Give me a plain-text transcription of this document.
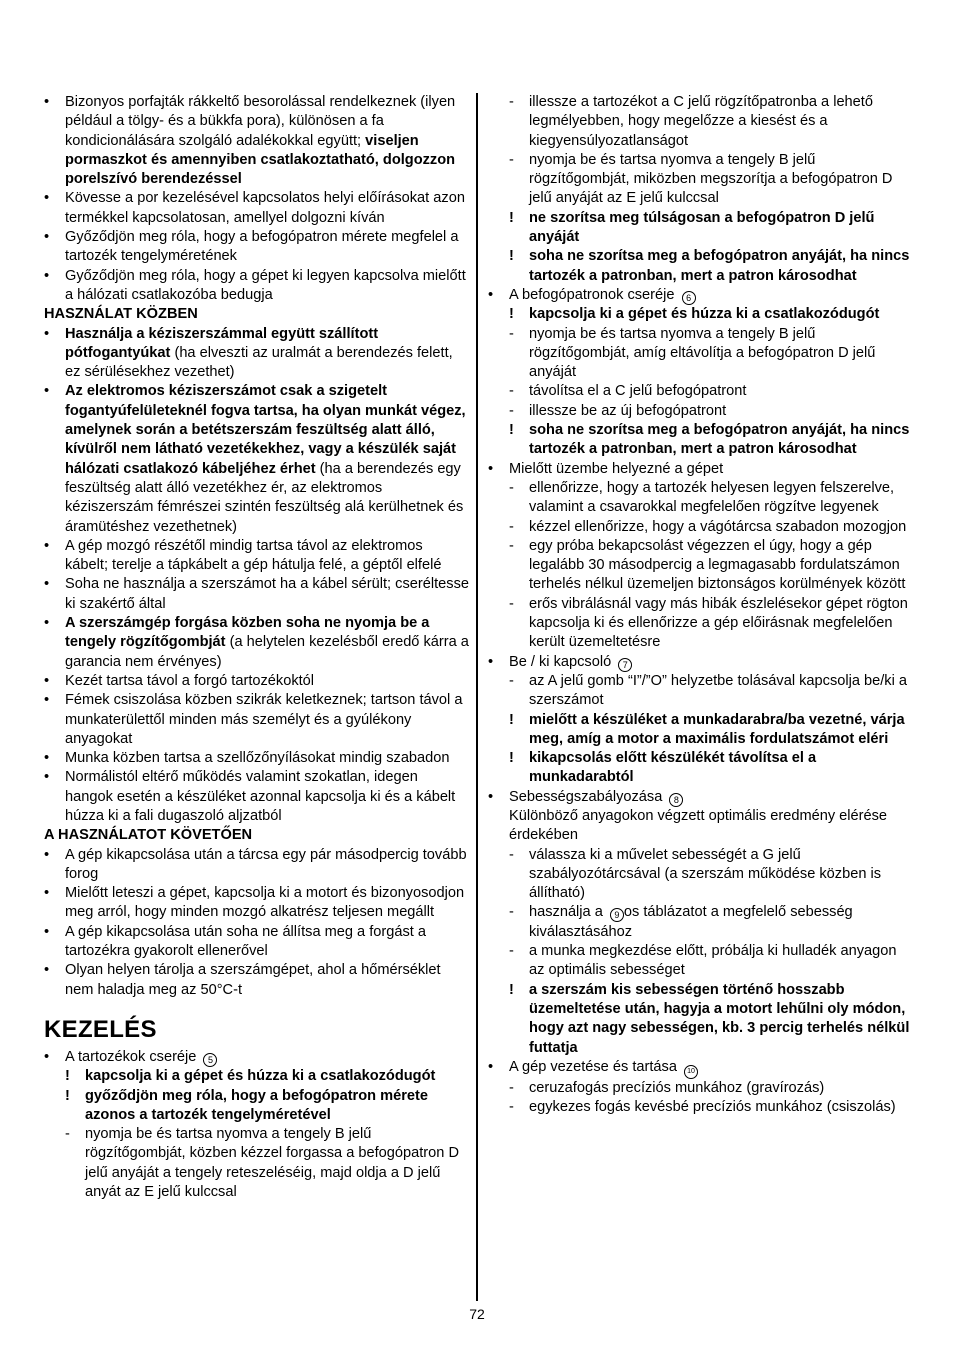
• Bizonyos porfajták rákkeltő besorolással rendelkeznek (ilyen például a tölgy- és a bükkfa pora), különösen a fa kondicionálására szolgáló adalékokkal együtt; viseljen pormaszkot és amennyiben csatlakoztatható, dolgozzon porelszívó berendezéssel
• Kövesse a por kezelésével kapcsolatos helyi előírásokat azon termékkel kapcsolatosan, amellyel dolgozni kíván
• Győződjön meg róla, hogy a befogópatron mérete megfelel a tartozék tengelyméretének
• Győződjön meg róla, hogy a gépet ki legyen kapcsolva mielőtt a hálózati csatlakozóba bedugja
HASZNÁLAT KÖZBEN
• Használja a kéziszerszámmal együtt szállított pótfogantyúkat (ha elveszti az uralmát a berendezés felett, ez sérülésekhez vezethet)
• Az elektromos kéziszerszámot csak a szigetelt fogantyúfelületeknél fogva tartsa, ha olyan munkát végez, amelynek során a betétszerszám feszültség alatt álló, kívülről nem látható vezetékekhez, vagy a készülék saját hálózati csatlakozó kábeljéhez érhet (ha a berendezés egy feszültség alatt álló vezetékhez ér, az elektromos kéziszerszám fémrészei szintén feszültség alá kerülhetnek és áramütéshez vezethetnek)
• A gép mozgó részétől mindig tartsa távol az elektromos kábelt; terelje a tápkábelt a gép hátulja felé, a géptől elfelé
• Soha ne használja a szerszámot ha a kábel sérült; cseréltesse ki szakértő által
• A szerszámgép forgása közben soha ne nyomja be a tengely rögzítőgombját (a helytelen kezelésből eredő kárra a garancia nem érvényes)
• Kezét tartsa távol a forgó tartozékoktól
• Fémek csiszolása közben szikrák keletkeznek; tartson távol a munkaterülettől minden más személyt és a gyúlékony anyagokat
• Munka közben tartsa a szellőzőnyílásokat mindig szabadon
• Normálistól eltérő működés valamint szokatlan, idegen hangok esetén a készüléket azonnal kapcsolja ki és a kábelt húzza ki a fali dugaszoló aljzatból
A HASZNÁLATOT KÖVETŐEN
• A gép kikapcsolása után a tárcsa egy pár másodpercig tovább forog
• Mielőtt leteszi a gépet, kapcsolja ki a motort és bizonyosodjon meg arról, hogy minden mozgó alkatrész teljesen megállt
• A gép kikapcsolása után soha ne állítsa meg a forgást a tartozékra gyakorolt ellenerővel
• Olyan helyen tárolja a szerszámgépet, ahol a hőmérséklet nem haladja meg az 50°C-t
KEZELÉS
• A tartozékok cseréje 5
! kapcsolja ki a gépet és húzza ki a csatlakozódugót
! győződjön meg róla, hogy a befogópatron mérete azonos a tartozék tengelyméretével
- nyomja be és tartsa nyomva a tengely B jelű rögzítőgombját, közben kézzel forgassa a befogópatron D jelű anyáját a tengely reteszeléséig, majd oldja a D jelű anyát az E jelű kulccsal
- illessze a tartozékot a C jelű rögzítőpatronba a lehető legmélyebben, hogy megelőzze a kiesést és a kiegyensúlyozatlanságot
- nyomja be és tartsa nyomva a tengely B jelű rögzítőgombját, miközben megszorítja a befogópatron D jelű anyáját az E jelű kulccsal
! ne szorítsa meg túlságosan a befogópatron D jelű anyáját
! soha ne szorítsa meg a befogópatron anyáját, ha nincs tartozék a patronban, mert a patron károsodhat
• A befogópatronok cseréje 6
! kapcsolja ki a gépet és húzza ki a csatlakozódugót
- nyomja be és tartsa nyomva a tengely B jelű rögzítőgombját, amíg eltávolítja a befogópatron D jelű anyáját
- távolítsa el a C jelű befogópatront
- illessze be az új befogópatront
! soha ne szorítsa meg a befogópatron anyáját, ha nincs tartozék a patronban, mert a patron károsodhat
• Mielőtt üzembe helyezné a gépet
- ellenőrizze, hogy a tartozék helyesen legyen felszerelve, valamint a csavarokkal megfelelően rögzítve legyenek
- kézzel ellenőrizze, hogy a vágótárcsa szabadon mozogjon
- egy próba bekapcsolást végezzen el úgy, hogy a gép legalább 30 másodpercig a legmagasabb fordulatszámon terhelés nélkul üzemeljen biztonságos korülmények között
- erős vibrálásnál vagy más hibák észlelésekor gépet rögton kapcsolja ki és ellenőrizze a gép előirásnak megfelelően került üzemeltetésre
• Be / ki kapcsoló 7
- az A jelű gomb “I”/”O” helyzetbe tolásával kapcsolja be/ki a szerszámot
! mielőtt a készüléket a munkadarabra/ba vezetné, várja meg, amíg a motor a maximális fordulatszámot eléri
! kikapcsolás előtt készülékét távolítsa el a munkadarabtól
• Sebességszabályozása 8
Különböző anyagokon végzett optimális eredmény elérése érdekében
- válassza ki a művelet sebességét a G jelű szabályozótárcsával (a szerszám működése közben is állítható)
- használja a 9 os táblázatot a megfelelő sebesség kiválasztásához
- a munka megkezdése előtt, próbálja ki hulladék anyagon az optimális sebességet
! a szerszám kis sebességen történő hosszabb üzemeltetése után, hagyja a motort lehűlni oly módon, hogy azt nagy sebességen, kb. 3 percig terhelés nélkül futtatja
• A gép vezetése és tartása 10
- ceruzafogás precíziós munkához (gravírozás)
- egykezes fogás kevésbé precíziós munkához (csiszolás)
72
